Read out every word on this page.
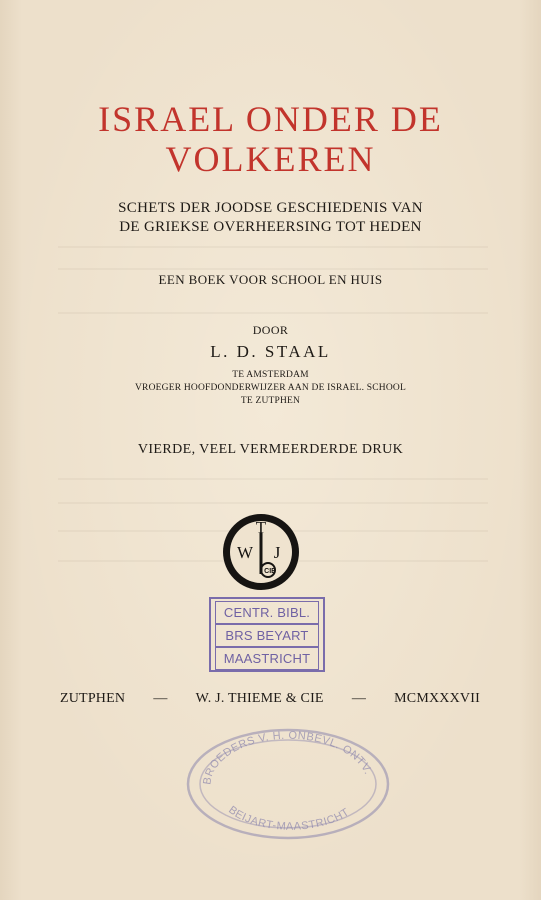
ISRAEL ONDER DE
VOLKEREN
SCHETS DER JOODSE GESCHIEDENIS VAN
DE GRIEKSE OVERHEERSING TOT HEDEN
EEN BOEK VOOR SCHOOL EN HUIS
DOOR
L. D. STAAL
TE AMSTERDAM
VROEGER HOOFDONDERWIJZER AAN DE ISRAEL. SCHOOL
TE ZUTPHEN
VIERDE, VEEL VERMEERDERDE DRUK
T
W J
CIE
CENTR. BIBL.
BRS BEYART
MAASTRICHT
ZUTPHEN — W. J. THIEME & CIE — MCMXXXVII
BROEDERS V. H. ONBEVL. ONTV.
BEIJART-MAASTRICHT
